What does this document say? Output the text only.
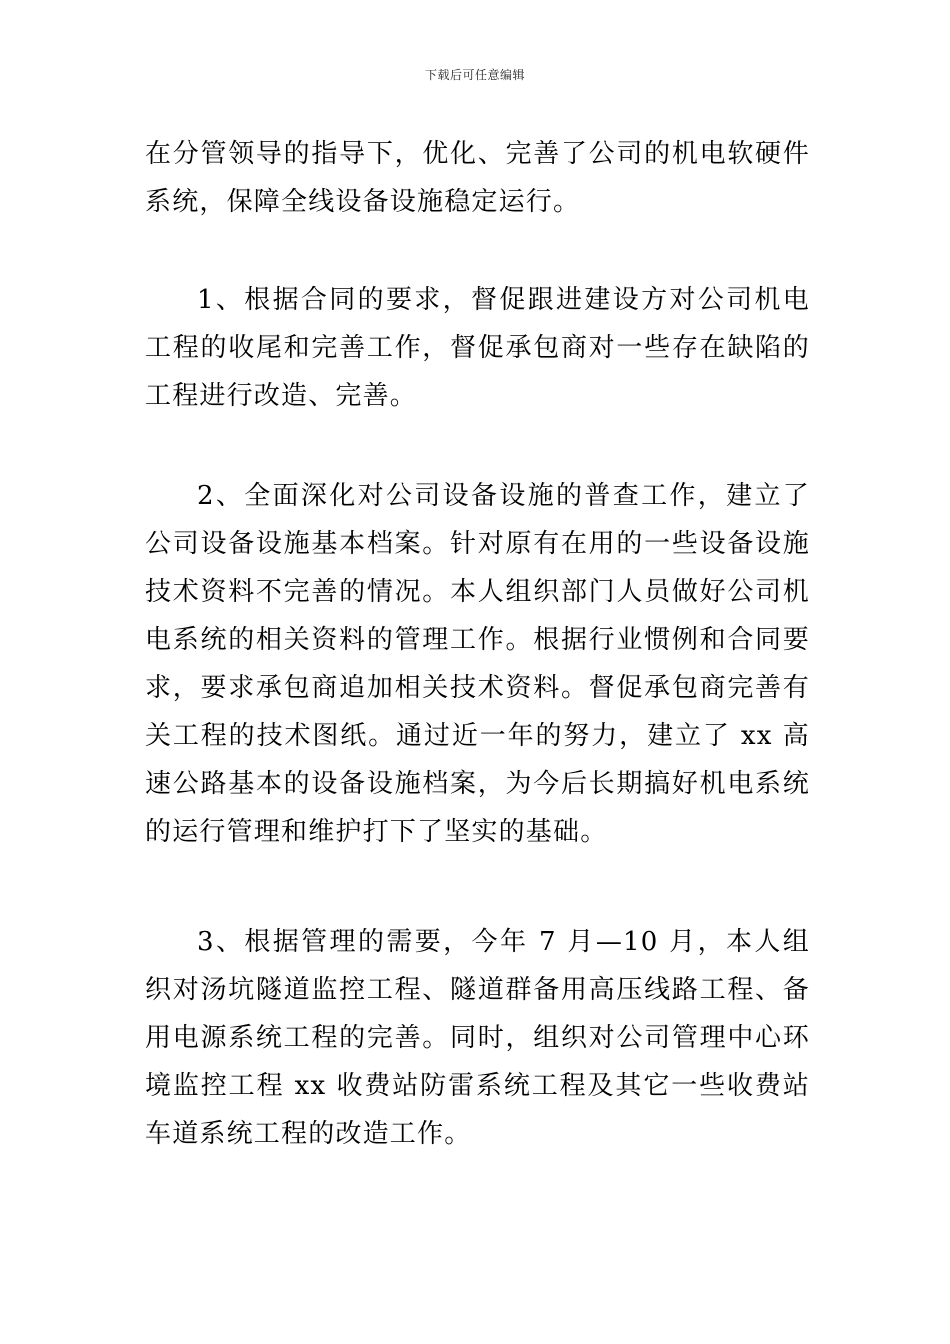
下载后可任意编辑

在分管领导的指导下，优化、完善了公司的机电软硬件系统，保障全线设备设施稳定运行。

1、根据合同的要求，督促跟进建设方对公司机电工程的收尾和完善工作，督促承包商对一些存在缺陷的工程进行改造、完善。

2、全面深化对公司设备设施的普查工作，建立了公司设备设施基本档案。针对原有在用的一些设备设施技术资料不完善的情况。本人组织部门人员做好公司机电系统的相关资料的管理工作。根据行业惯例和合同要求，要求承包商追加相关技术资料。督促承包商完善有关工程的技术图纸。通过近一年的努力，建立了 xx 高速公路基本的设备设施档案，为今后长期搞好机电系统的运行管理和维护打下了坚实的基础。

3、根据管理的需要，今年 7 月—10 月，本人组织对汤坑隧道监控工程、隧道群备用高压线路工程、备用电源系统工程的完善。同时，组织对公司管理中心环境监控工程 xx 收费站防雷系统工程及其它一些收费站车道系统工程的改造工作。
